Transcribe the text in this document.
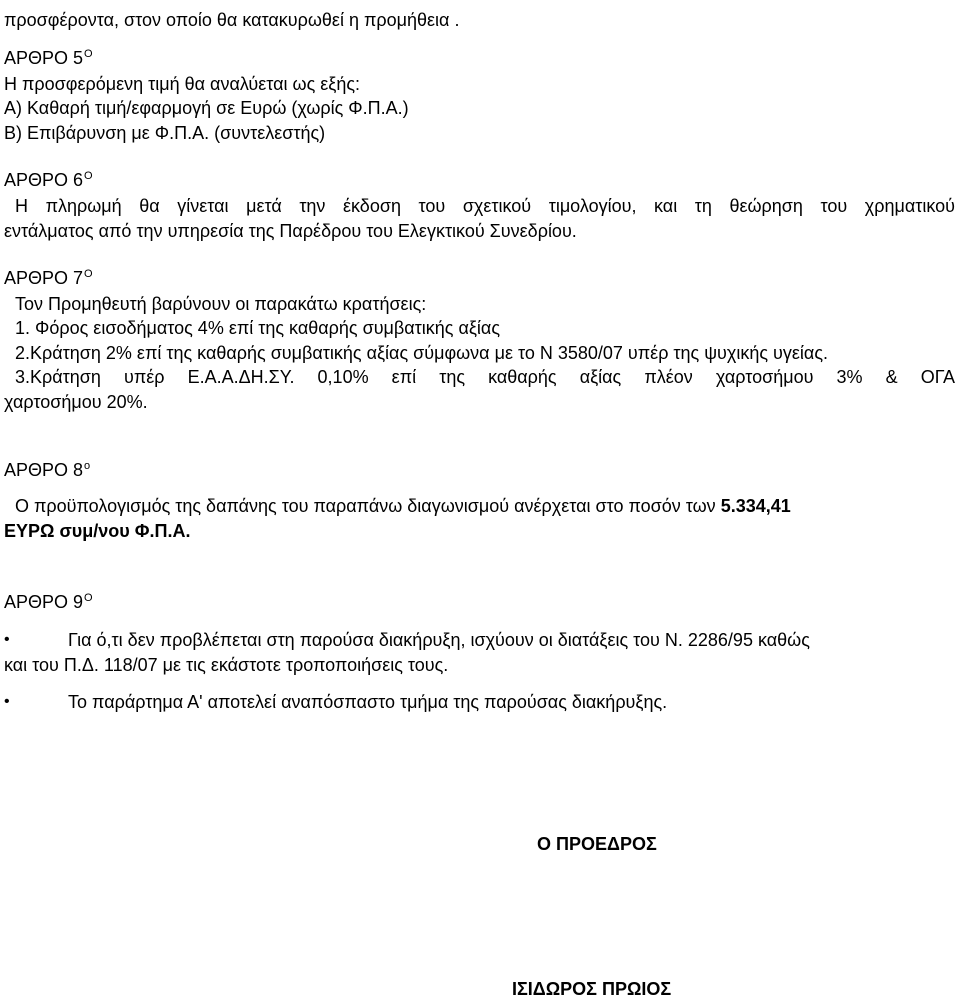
προσφέροντα, στον οποίο θα κατακυρωθεί η προμήθεια .
ΑΡΘΡΟ $5^O$
Η προσφερόμενη τιμή θα αναλύεται ως εξής:
Α) Καθαρή τιμή/εφαρμογή σε Ευρώ (χωρίς Φ.Π.Α.)
Β) Επιβάρυνση με Φ.Π.Α. (συντελεστής)
ΑΡΘΡΟ $6^O$
Η πληρωμή θα γίνεται μετά την έκδοση του σχετικού τιμολογίου, και τη θεώρηση του χρηματικού
εντάλματος από την υπηρεσία της Παρέδρου του Ελεγκτικού Συνεδρίου.
ΑΡΘΡΟ $7^O$
Τον Προμηθευτή βαρύνουν οι παρακάτω κρατήσεις:
1. Φόρος εισοδήματος 4% επί της καθαρής συμβατικής αξίας
2.Κράτηση 2% επί της καθαρής συμβατικής αξίας σύμφωνα με το Ν 3580/07 υπέρ της ψυχικής υγείας.
3.Κράτηση υπέρ Ε.Α.Α.ΔΗ.ΣΥ. 0,10% επί της καθαρής αξίας πλέον χαρτοσήμου 3% & ΟΓΑ
χαρτοσήμου 20%.
ΑΡΘΡΟ $8^o$
Ο προϋπολογισμός της δαπάνης του παραπάνω διαγωνισμού ανέρχεται στο ποσόν των 5.334,41
ΕΥΡΩ συμ/νου Φ.Π.Α.
ΑΡΘΡΟ $9^O$
•	Για ό,τι δεν προβλέπεται στη παρούσα διακήρυξη, ισχύουν οι διατάξεις του Ν. 2286/95 καθώς
και του Π.Δ. 118/07 με τις εκάστοτε τροποποιήσεις τους.
•	Το παράρτημα Α' αποτελεί αναπόσπαστο τμήμα της παρούσας διακήρυξης.
Ο ΠΡΟΕΔΡΟΣ
ΙΣΙΔΩΡΟΣ ΠΡΩΙΟΣ
